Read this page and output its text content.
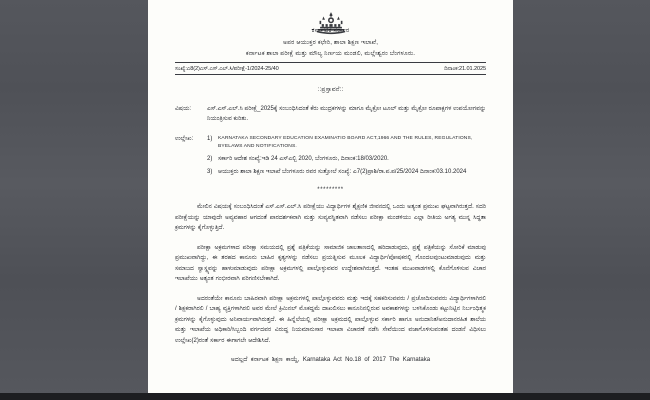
ಕರ್ನಾಟಕ ಸರ್ಕಾರ
ಅಪರ ಆಯುಕ್ತರ ಕಛೇರಿ, ಶಾಲಾ ಶಿಕ್ಷಣ ಇಲಾಖೆ,
ಕರ್ನಾಟಕ ಶಾಲಾ ಪರೀಕ್ಷೆ ಮತ್ತು ಮೌಲ್ಯ ನಿರ್ಣಯ ಮಂಡಲಿ, ಮಲ್ಲೇಶ್ವರಂ ಬೆಂಗಳೂರು.
ಸಂಖ್ಯೆ:ಎ8(2)ಎಸ್.ಎಸ್.ಎಲ್.ಸಿ/ಪರೀಕ್ಷೆ-1/2024-25/40	ದಿನಾಂಕ:21.01.2025
::ಪ್ರಸ್ತಾವನೆ::
ವಿಷಯ:	ಎಸ್.ಎಸ್.ಎಲ್.ಸಿ ಪರೀಕ್ಷೆ_2025ಕ್ಕೆ ಸಂಬಂಧಿಸಿದಂತೆ ಕೆರು ಮುದ್ರಕಗಳನ್ನು ಮಾಗೂ ಮೈಕ್ರೋ ಟೂಲ್ ಮತ್ತು ಮೈಕ್ರೋ ರೂಪಾಕ್ಷಗಳ ಉಪಯೋಗವನ್ನು ನಿಯಂತ್ರಿಸುವ ಕುರಿತು.
ಉಲ್ಲೇಖ:	1)	KARNATAKA SECONDARY EDUCATION EXAMINATIO BOARD ACT,1966 AND THE RULES, REGULATIONS, BYELAWS AND NOTIFICATIONS.
2) ಸರ್ಕಾರಿ ಆದೇಶ ಸಂಖ್ಯೆ:ಇಡಿ 24 ಎಸ್ಎಲ್ಬಿ 2020, ಬೆಂಗಳೂರು, ದಿನಾಂಕ:18/03/2020.
3) ಆಯುಕ್ತರು ಶಾಲಾ ಶಿಕ್ಷಣ ಇಲಾಖೆ ಬೆಂಗಳೂರು ರವರ ಸುತ್ತೋಲೆ ಸಂಖ್ಯೆ: ಎ7(2)ಪ್ರಾಶಿ/ರಾ.ಪ.ಪ/25/2024 ದಿನಾಂಕ:03.10.2024
*********

ಮೇಲಿನ ವಿಷಯಕ್ಕೆ ಸಂಬಂಧಿಸಿದಂತೆ ಎಸ್.ಎಸ್.ಎಲ್.ಸಿ ಪರೀಕ್ಷೆಯು ವಿದ್ಯಾರ್ಥಿಗಳ ಶೈಕ್ಷಣಿಕ ಜೀವನದಲ್ಲಿ ಒಂದು ಅತ್ಯಂತ ಪ್ರಮುಖ ಘಟ್ಟವಾಗಿರುತ್ತದೆ. ಸದರಿ ಪರೀಕ್ಷೆಯನ್ನು ಯಾವುದೇ ಅವ್ಯವಹಾರ ಆಗದಂತೆ ಪಾರದರ್ಶಕವಾಗಿ ಮತ್ತು ಸುವ್ಯವಸ್ಥಿತವಾಗಿ ನಡೆಸಲು ಪರೀಕ್ಷಾ ಮಂಡಳಿಯು ಎಲ್ಲಾ ರೀತಿಯ ಅಗತ್ಯ ಮುನ್ನ ಸಿದ್ಧತಾ ಕ್ರಮಗಳನ್ನು ಕೈಗೊಳ್ಳುತ್ತಿದೆ.

ಪರೀಕ್ಷಾ ಅಕ್ರಮಗಳಾದ ಪರೀಕ್ಷಾ ಸಮಯದಲ್ಲಿ ಪ್ರಶ್ನೆ ಪತ್ರಿಕೆಯನ್ನು ಸಾಮಾಜಿಕ ಜಾಲತಾಣದಲ್ಲಿ ಹರಿದಾಡುವುದು, ಪ್ರಶ್ನೆ ಪತ್ರಿಕೆಯನ್ನು ಸೋರಿಕೆ ಮಾಡುವು ಪ್ರಮುಖವಾಗಿದ್ದು, ಈ ತರಹದ ಕಾನೂನು ಬಾಹಿರ ಕೃತ್ಯಗಳನ್ನು ನಡೆಸಲು ಪ್ರಯತ್ನಿಸುವ ಮೂಲಕ ವಿದ್ಯಾರ್ಥಿ/ಪೋಷಕರಲ್ಲಿ ಗೊಂದಲವುಂಟುಮಾಡುವುದು ಮತ್ತು ಸಮಾಜದ ಸ್ವಾಸ್ಥ್ಯವನ್ನು ಹಾಳುಮಾಡುವುದು ಪರೀಕ್ಷಾ ಅಕ್ರಮಗಳಲ್ಲಿ ಪಾಲ್ಗೊಳ್ಳುವವರ ಉದ್ದೇಶವಾಗಿರುತ್ತದೆ. ಇಂತಹ ಮುಖವಾಡಗಳಲ್ಲಿ ಕೊನೆಗೊಳಿಸುವ ವಿಚಾರ ಇಲಾಖೆಯು ಅತ್ಯಂತ ಗಂಭೀರವಾಗಿ ಪರಿಗಣಿಸಬೇಕಾಗಿದೆ.

ಅದರಂತೆಯೇ ಕಾನೂನು ಬಾಹಿರವಾಗಿ ಪರೀಕ್ಷಾ ಅಕ್ರಮಗಳಲ್ಲಿ ಪಾಲ್ಗೊಳ್ಳುವವರು ಮತ್ತು ಇದಕ್ಕೆ ಸಹಕರಿಸುವವರು / ಪ್ರಚೋದಿಸುವವರು ವಿದ್ಯಾರ್ಥಿಗಳಾಗಿರಲಿ / ಶಿಕ್ಷಕರಾಗಿರಲಿ / ಬಾಹ್ಯ ವ್ಯಕ್ತಿಗಳಾಗಿರಲಿ ಅವರ ಮೇಲೆ ಕ್ರಿಮಿನಲ್ ಮೊಕದ್ದಮೆ ದಾಖಲಿಸಲು ಕಾನೂನಿನಲ್ಲಿರುವ ಅವಕಾಶಗಳನ್ನು ಬಳಸಿಕೊಂಡು ಕಟ್ಟುನಿಟ್ಟಿನ ನಿರ್ಬಂಧಿತ್ಮಕ ಕ್ರಮಗಳನ್ನು ಕೈಗೊಳ್ಳುವುದು ಅನಿವಾರ್ಯವಾಗಿರುತ್ತದೆ. ಈ ಹಿನ್ನೆಲೆಯಲ್ಲಿ ಪರೀಕ್ಷಾ ಅಕ್ರಮದಲ್ಲಿ ಪಾಲ್ಗೊಳ್ಳುವ ಸರ್ಕಾರಿ ಹಾಗೂ ಅನುದಾನಿತ/ಅನುದಾನರಹಿತ ಶಾಲೆಯ ಮತ್ತು ಇಲಾಖೆಯ ಅಧಿಕಾರಿ/ಸಿಬ್ಬಂದಿ ವರ್ಗದವರ ವಿರುದ್ಧ ನಿಯಮಾನುಸಾರ ಇಲಾಖಾ ವಿಚಾರಣೆ ನಡೆಸಿ ಸೇವೆಯಿಂದ ವಜಾಗೊಳಿಸುವಂತಹ ದಂಡನೆ ವಿಧಿಸಲು ಉಲ್ಲೇಖ(2)ರಂತೆ ಸರ್ಕಾರ ಈಗಾಗಲೇ ಆದೇಶಿಸಿದೆ.

ಅದಲ್ಲದೆ ಕರ್ನಾಟಕ ಶಿಕ್ಷಣ ಕಾಯ್ದೆ, Karnataka Act No.18 of 2017 The Karnataka
